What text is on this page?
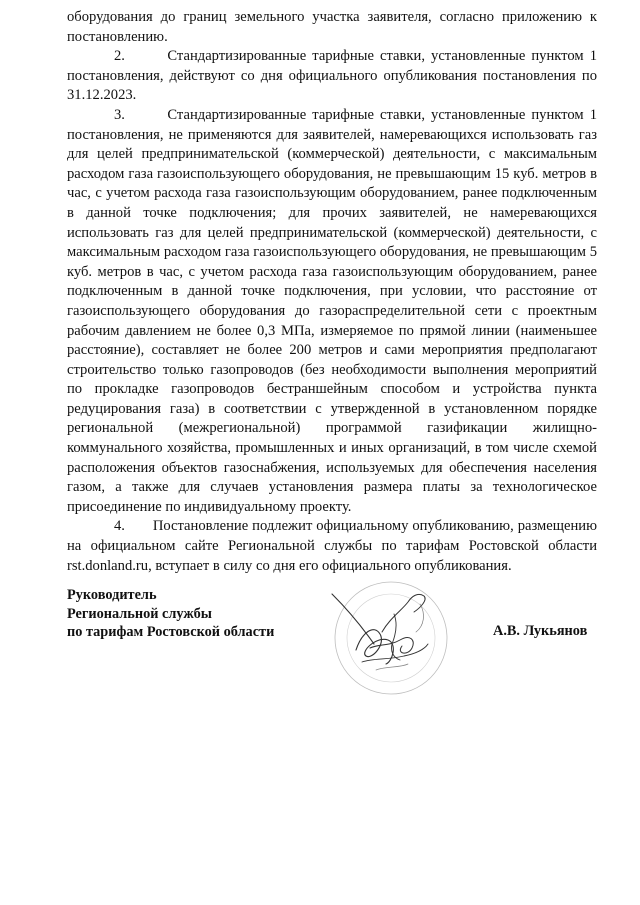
оборудования до границ земельного участка заявителя, согласно приложению к постановлению.

2.       Стандартизированные тарифные ставки, установленные пунктом 1 постановления, действуют со дня официального опубликования постановления по 31.12.2023.

3.       Стандартизированные тарифные ставки, установленные пунктом 1 постановления, не применяются для заявителей, намеревающихся использовать газ для целей предпринимательской (коммерческой) деятельности, с максимальным расходом газа газоиспользующего оборудования, не превышающим 15 куб. метров в час, с учетом расхода газа газоиспользующим оборудованием, ранее подключенным в данной точке подключения; для прочих заявителей, не намеревающихся использовать газ для целей предпринимательской (коммерческой) деятельности, с максимальным расходом газа газоиспользующего оборудования, не превышающим 5 куб. метров в час, с учетом расхода газа газоиспользующим оборудованием, ранее подключенным в данной точке подключения, при условии, что расстояние от газоиспользующего оборудования до газораспределительной сети с проектным рабочим давлением не более 0,3 МПа, измеряемое по прямой линии (наименьшее расстояние), составляет не более 200 метров и сами мероприятия предполагают строительство только газопроводов (без необходимости выполнения мероприятий по прокладке газопроводов бестраншейным способом и устройства пункта редуцирования газа) в соответствии с утвержденной в установленном порядке региональной (межрегиональной) программой газификации жилищно-коммунального хозяйства, промышленных и иных организаций, в том числе схемой расположения объектов газоснабжения, используемых для обеспечения населения газом, а также для случаев установления размера платы за технологическое присоединение по индивидуальному проекту.

4.       Постановление подлежит официальному опубликованию, размещению на официальном сайте Региональной службы по тарифам Ростовской области rst.donland.ru, вступает в силу со дня его официального опубликования.

Руководитель
Региональной службы
по тарифам Ростовской области	А.В. Лукьянов
